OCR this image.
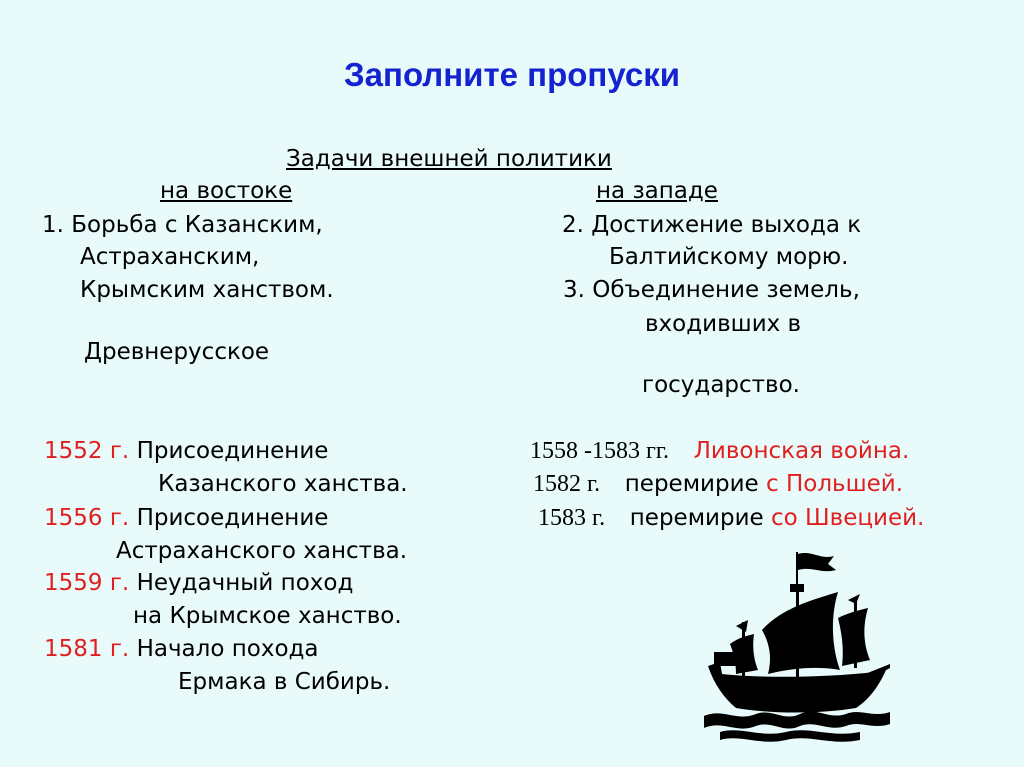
Заполните пропуски
Задачи внешней политики
на востоке	на западе
1. Борьба с Казанским,
Астраханским,
Крымским ханством.
Древнерусское
2. Достижение выхода к
Балтийскому морю.
3. Объединение земель,
входивших в
государство.
1552 г. Присоединение
Казанского ханства.
1556 г. Присоединение
Астраханского ханства.
1559 г. Неудачный поход
на Крымское ханство.
1581 г. Начало похода
Ермака в Сибирь.
1558 -1583 гг. Ливонская война.
1582 г. перемирие с Польшей.
1583 г. перемирие со Швецией.
